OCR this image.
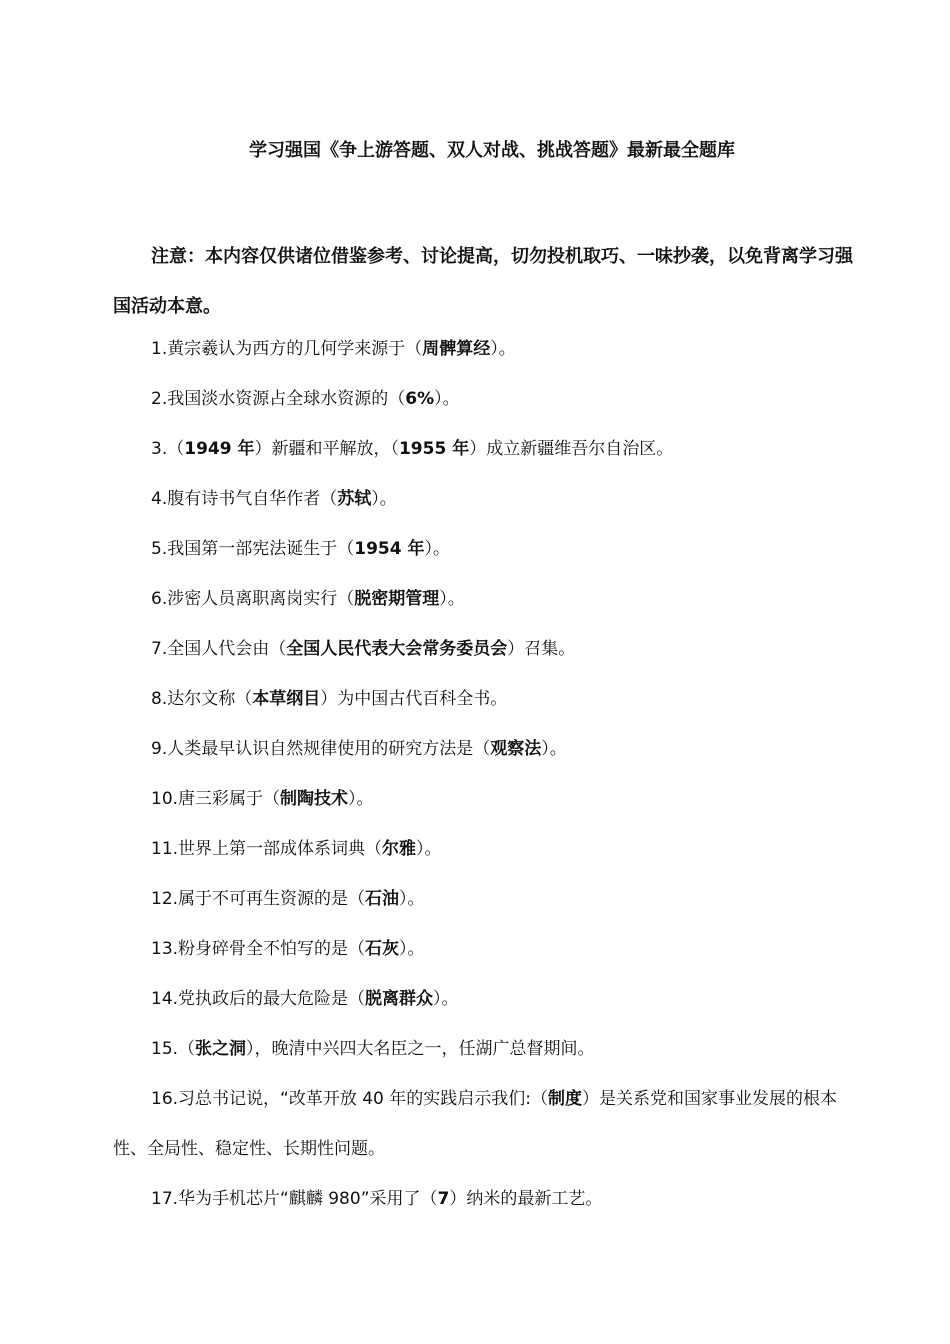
学习强国《争上游答题、双人对战、挑战答题》最新最全题库
注意：本内容仅供诸位借鉴参考、讨论提高，切勿投机取巧、一味抄袭，以免背离学习强国活动本意。

1.黄宗羲认为西方的几何学来源于（周髀算经）。

2.我国淡水资源占全球水资源的（6%）。

3.（1949 年）新疆和平解放，（1955 年）成立新疆维吾尔自治区。

4.腹有诗书气自华作者（苏轼）。

5.我国第一部宪法诞生于（1954 年）。

6.涉密人员离职离岗实行（脱密期管理）。

7.全国人代会由（全国人民代表大会常务委员会）召集。

8.达尔文称（本草纲目）为中国古代百科全书。

9.人类最早认识自然规律使用的研究方法是（观察法）。

10.唐三彩属于（制陶技术）。

11.世界上第一部成体系词典（尔雅）。

12.属于不可再生资源的是（石油）。

13.粉身碎骨全不怕写的是（石灰）。

14.党执政后的最大危险是（脱离群众）。

15.（张之洞），晚清中兴四大名臣之一，任湖广总督期间。

16.习总书记说，“改革开放 40 年的实践启示我们:（制度）是关系党和国家事业发展的根本性、全局性、稳定性、长期性问题。

17.华为手机芯片“麒麟 980”采用了（7）纳米的最新工艺。
